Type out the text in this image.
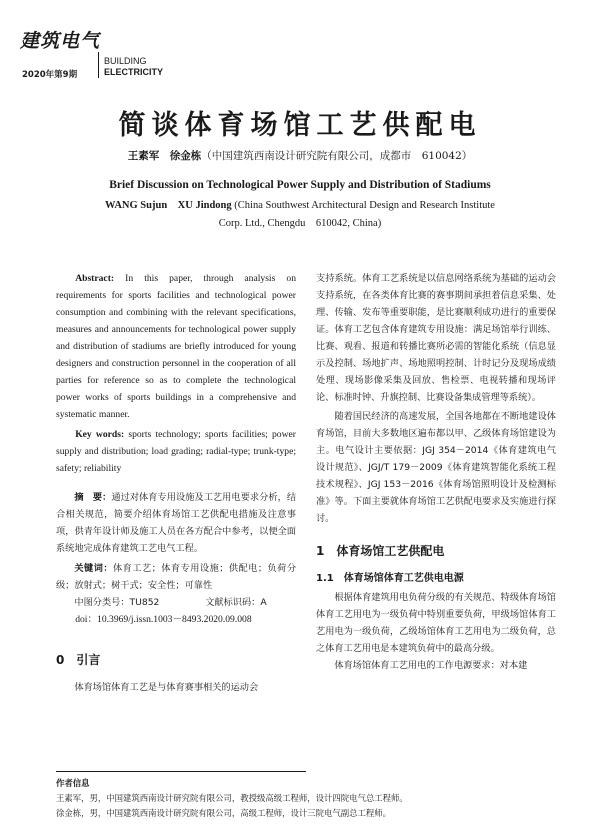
建筑电气
BUILDING
ELECTRICITY
2020年第9期
简谈体育场馆工艺供配电
王素军　徐金栋（中国建筑西南设计研究院有限公司，成都市　610042）
Brief Discussion on Technological Power Supply and Distribution of Stadiums
WANG Sujun　XU Jindong (China Southwest Architectural Design and Research Institute
Corp. Ltd., Chengdu　610042, China)

Abstract: In this paper, through analysis on requirements for sports facilities and technological power consumption and combining with the relevant specifications, measures and announcements for technological power supply and distribution of stadiums are briefly introduced for young designers and construction personnel in the cooperation of all parties for reference so as to complete the technological power works of sports buildings in a comprehensive and systematic manner.

Key words: sports technology; sports facilities; power supply and distribution; load grading; radial-type; trunk-type; safety; reliability

摘　要：通过对体育专用设施及工艺用电要求分析，结合相关规范，简要介绍体育场馆工艺供配电措施及注意事项，供青年设计师及施工人员在各方配合中参考，以便全面系统地完成体育建筑工艺电气工程。

关键词：体育工艺；体育专用设施；供配电；负荷分级；放射式；树干式；安全性；可靠性

中图分类号：TU852	文献标识码：A

doi：10.3969/j.issn.1003－8493.2020.09.008

0　引言

体育场馆体育工艺是与体育赛事相关的运动会

支持系统。体育工艺系统是以信息网络系统为基础的运动会支持系统，在各类体育比赛的赛事期间承担着信息采集、处理、传输、发布等重要职能，是比赛顺利成功进行的重要保证。体育工艺包含体育建筑专用设施：满足场馆举行训练、比赛、观看、报道和转播比赛所必需的智能化系统（信息显示及控制、场地扩声、场地照明控制、计时记分及现场成绩处理、现场影像采集及回放、售检票、电视转播和现场评论、标准时钟、升旗控制、比赛设备集成管理等系统）。

随着国民经济的高速发展，全国各地都在不断地建设体育场馆，目前大多数地区遍布都以甲、乙级体育场馆建设为主。电气设计主要依据：JGJ 354－2014《体育建筑电气设计规范》、JGJ/T 179－2009《体育建筑智能化系统工程技术规程》、JGJ 153－2016《体育场馆照明设计及检测标准》等。下面主要就体育场馆工艺供配电要求及实施进行探讨。

1　体育场馆工艺供配电

1.1　体育场馆体育工艺供电电源

根据体育建筑用电负荷分级的有关规范、特级体育场馆体育工艺用电为一级负荷中特别重要负荷，甲级场馆体育工艺用电为一级负荷，乙级场馆体育工艺用电为二级负荷，总之体育工艺用电是本建筑负荷中的最高分级。

体育场馆体育工艺用电的工作电源要求：对本建

作者信息
王素军，男，中国建筑西南设计研究院有限公司，教授级高级工程师，设计四院电气总工程师。
徐金栋，男，中国建筑西南设计研究院有限公司，高级工程师，设计三院电气副总工程师。
